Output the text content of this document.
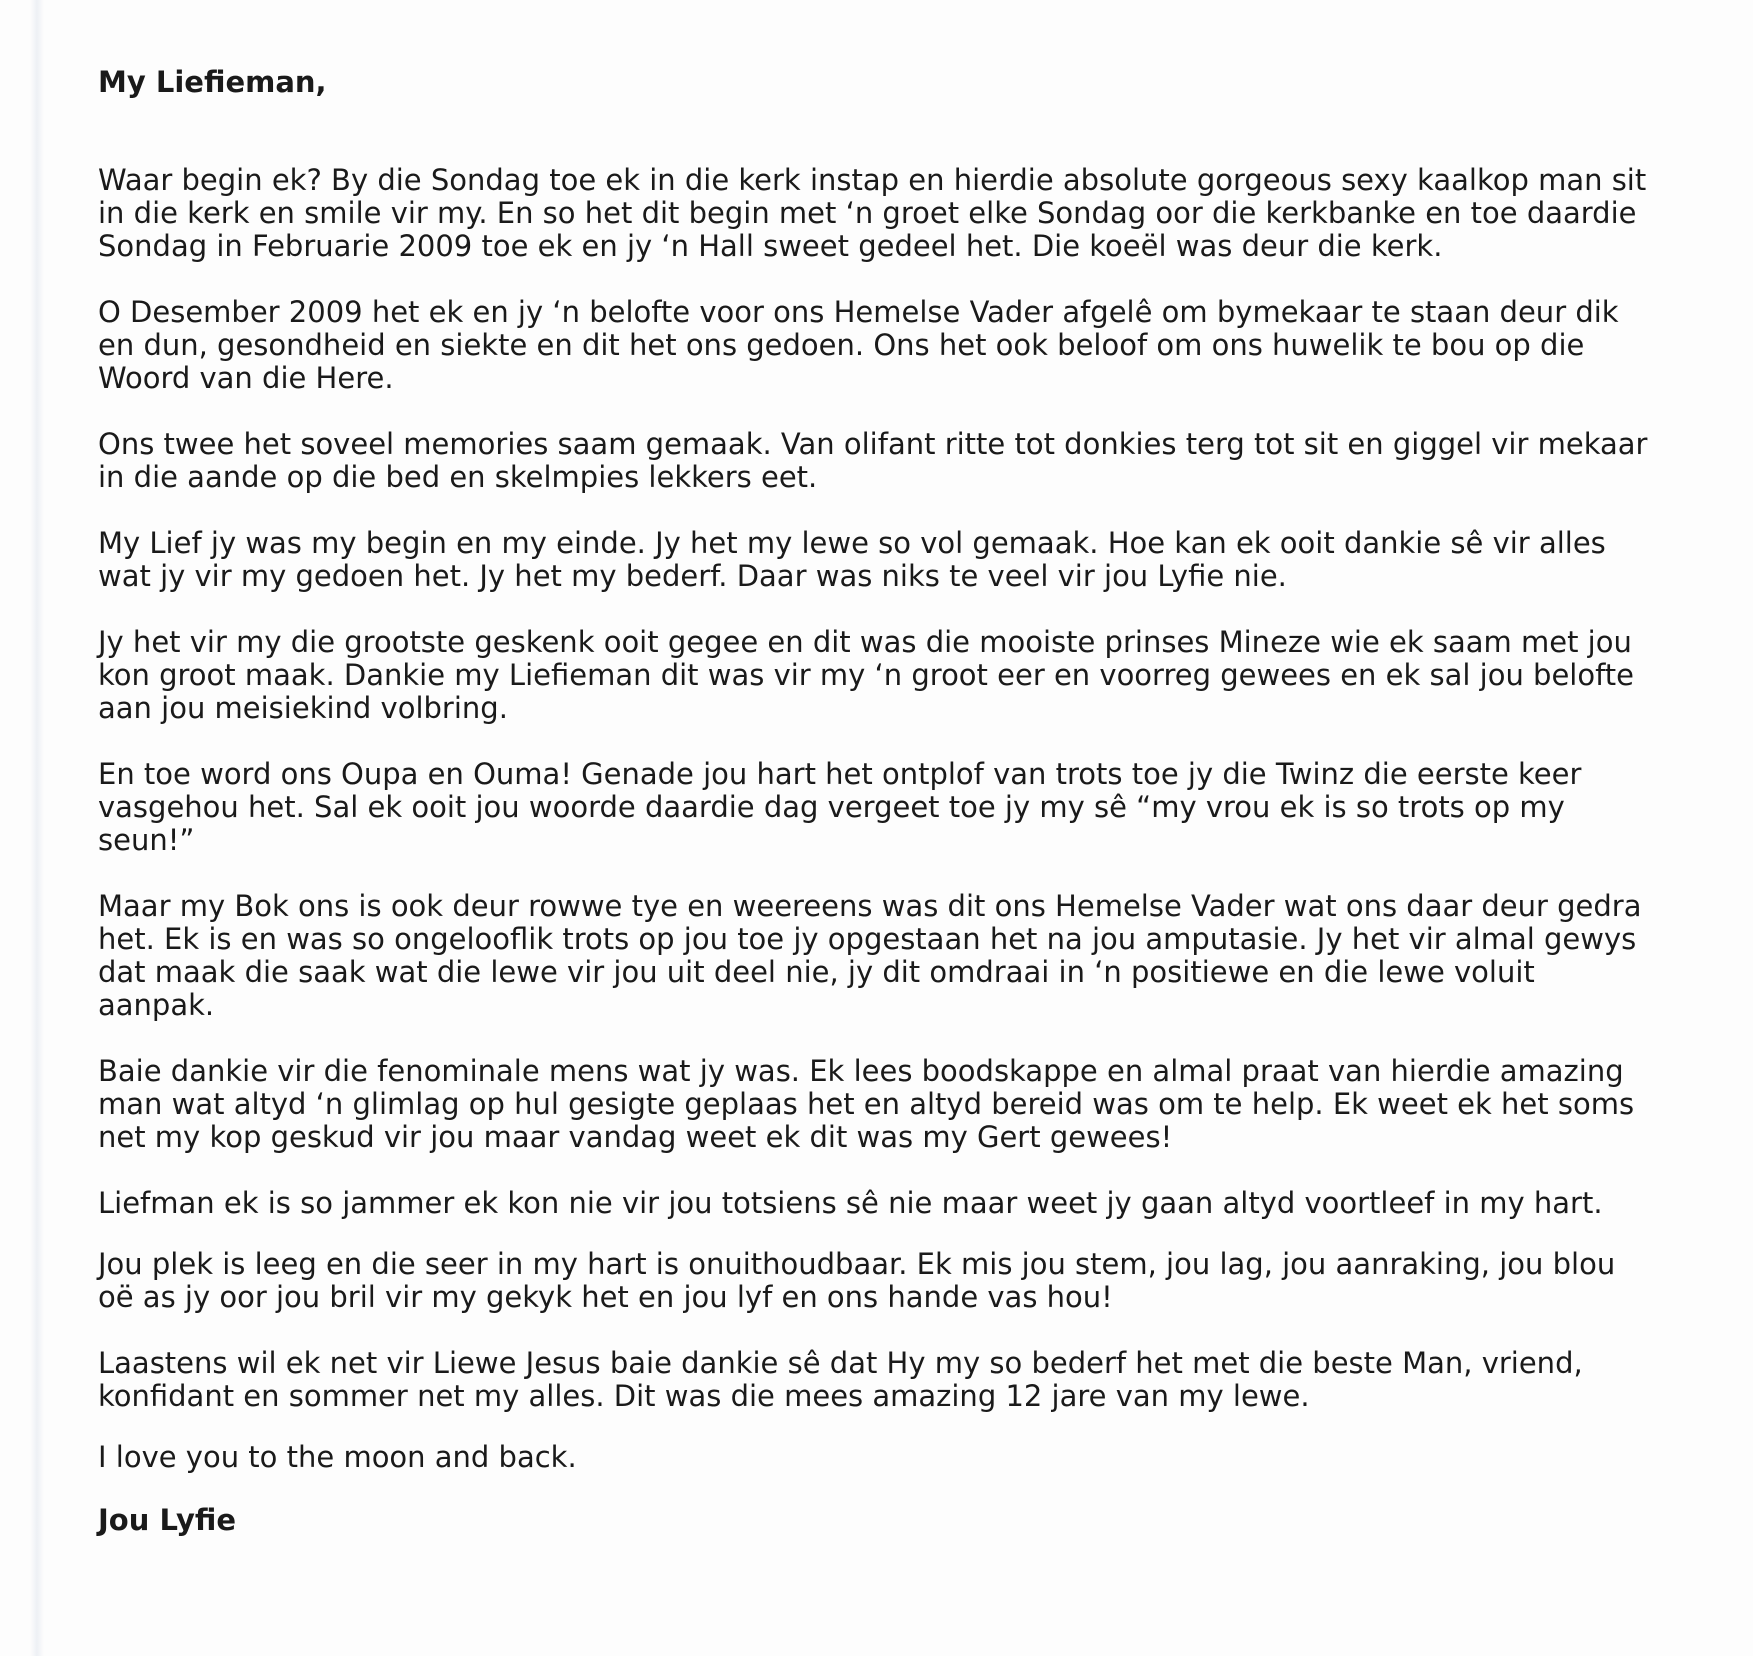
My Liefieman,

Waar begin ek? By die Sondag toe ek in die kerk instap en hierdie absolute gorgeous sexy kaalkop man sit in die kerk en smile vir my. En so het dit begin met ‘n groet elke Sondag oor die kerkbanke en toe daardie Sondag in Februarie 2009 toe ek en jy ‘n Hall sweet gedeel het. Die koeël was deur die kerk.

O Desember 2009 het ek en jy ‘n belofte voor ons Hemelse Vader afgelê om bymekaar te staan deur dik en dun, gesondheid en siekte en dit het ons gedoen. Ons het ook beloof om ons huwelik te bou op die Woord van die Here.

Ons twee het soveel memories saam gemaak. Van olifant ritte tot donkies terg tot sit en giggel vir mekaar in die aande op die bed en skelmpies lekkers eet.

My Lief jy was my begin en my einde. Jy het my lewe so vol gemaak. Hoe kan ek ooit dankie sê vir alles wat jy vir my gedoen het. Jy het my bederf. Daar was niks te veel vir jou Lyfie nie.

Jy het vir my die grootste geskenk ooit gegee en dit was die mooiste prinses Mineze wie ek saam met jou kon groot maak. Dankie my Liefieman dit was vir my ‘n groot eer en voorreg gewees en ek sal jou belofte aan jou meisiekind volbring.

En toe word ons Oupa en Ouma! Genade jou hart het ontplof van trots toe jy die Twinz die eerste keer vasgehou het. Sal ek ooit jou woorde daardie dag vergeet toe jy my sê “my vrou ek is so trots op my seun!”

Maar my Bok ons is ook deur rowwe tye en weereens was dit ons Hemelse Vader wat ons daar deur gedra het. Ek is en was so ongelooflik trots op jou toe jy opgestaan het na jou amputasie. Jy het vir almal gewys dat maak die saak wat die lewe vir jou uit deel nie, jy dit omdraai in ‘n positiewe en die lewe voluit aanpak.

Baie dankie vir die fenominale mens wat jy was. Ek lees boodskappe en almal praat van hierdie amazing man wat altyd ‘n glimlag op hul gesigte geplaas het en altyd bereid was om te help. Ek weet ek het soms net my kop geskud vir jou maar vandag weet ek dit was my Gert gewees!

Liefman ek is so jammer ek kon nie vir jou totsiens sê nie maar weet jy gaan altyd voortleef in my hart.

Jou plek is leeg en die seer in my hart is onuithoudbaar. Ek mis jou stem, jou lag, jou aanraking, jou blou oë as jy oor jou bril vir my gekyk het en jou lyf en ons hande vas hou!

Laastens wil ek net vir Liewe Jesus baie dankie sê dat Hy my so bederf het met die beste Man, vriend, konfidant en sommer net my alles. Dit was die mees amazing 12 jare van my lewe.

I love you to the moon and back.

Jou Lyfie
